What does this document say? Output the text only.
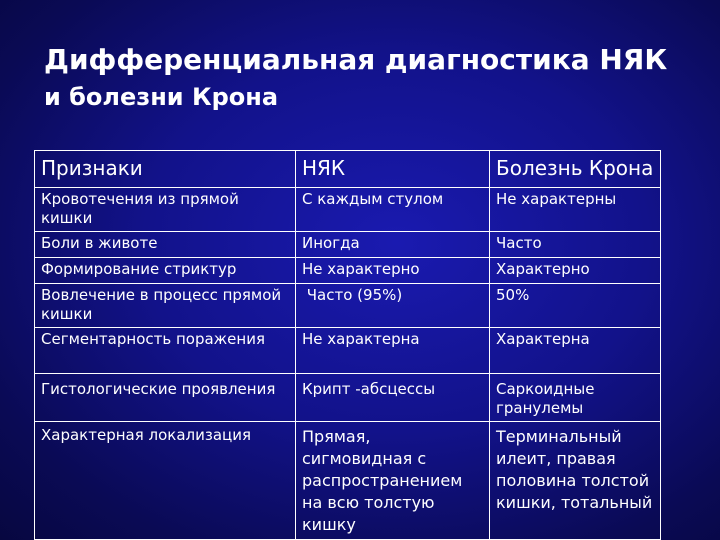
Дифференциальная диагностика НЯК
и болезни Крона
Признаки	НЯК	Болезнь Крона
Кровотечения из прямой кишки	С каждым стулом	Не характерны
Боли в животе	Иногда	Часто
Формирование стриктур	Не характерно	Характерно
Вовлечение в процесс прямой кишки	Часто (95%)	50%
Сегментарность поражения	Не характерна	Характерна
Гистологические проявления	Крипт -абсцессы	Саркоидные гранулемы
Характерная локализация	Прямая, сигмовидная с распространением на всю толстую кишку	Терминальный илеит, правая половина толстой кишки, тотальный
